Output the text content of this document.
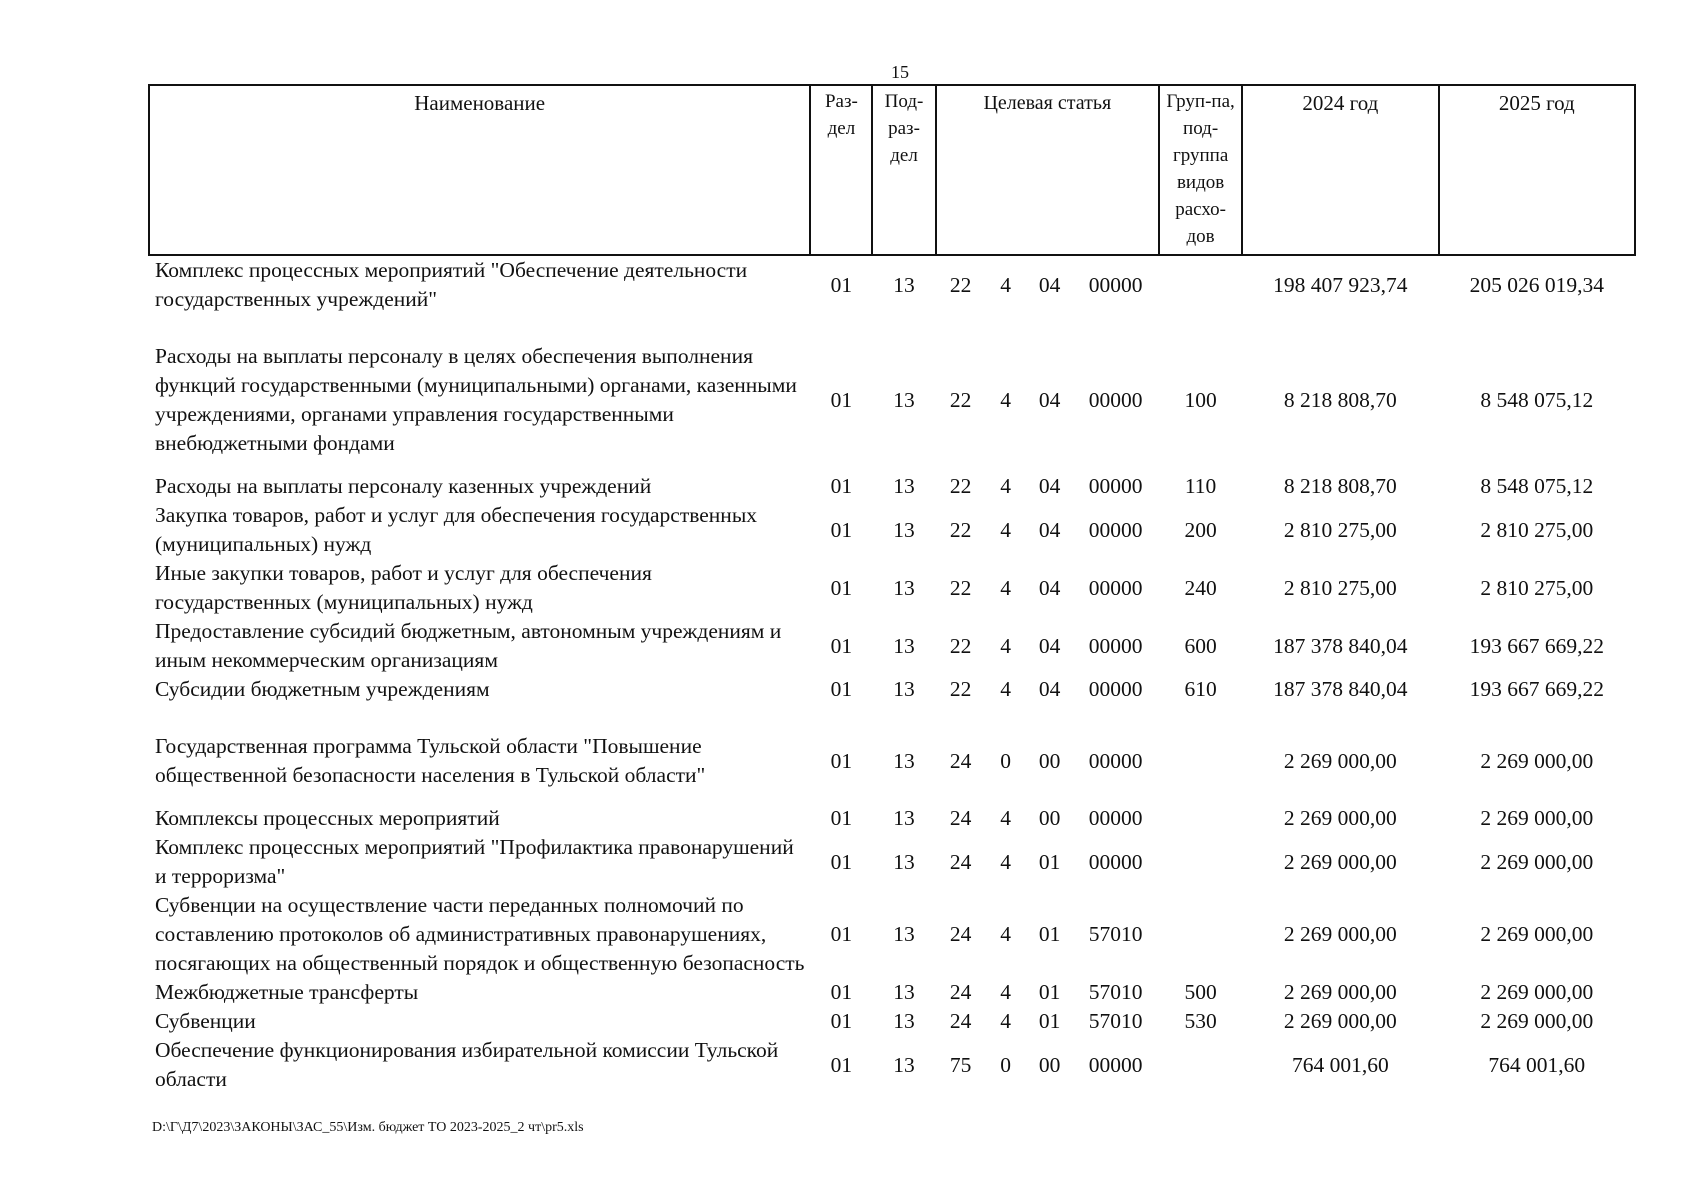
15
Наименование	Раз-дел	Под-раз-дел	Целевая статья	Груп-па, под-группа видов расхо-дов	2024 год	2025 год
Комплекс процессных мероприятий "Обеспечение деятельности государственных учреждений"	01	13	22 4 04 00000		198 407 923,74	205 026 019,34
Расходы на выплаты персоналу в целях обеспечения выполнения функций государственными (муниципальными) органами, казенными учреждениями, органами управления государственными внебюджетными фондами	01	13	22 4 04 00000	100	8 218 808,70	8 548 075,12
Расходы на выплаты персоналу казенных учреждений	01	13	22 4 04 00000	110	8 218 808,70	8 548 075,12
Закупка товаров, работ и услуг для обеспечения государственных (муниципальных) нужд	01	13	22 4 04 00000	200	2 810 275,00	2 810 275,00
Иные закупки товаров, работ и услуг для обеспечения государственных (муниципальных) нужд	01	13	22 4 04 00000	240	2 810 275,00	2 810 275,00
Предоставление субсидий бюджетным, автономным учреждениям и иным некоммерческим организациям	01	13	22 4 04 00000	600	187 378 840,04	193 667 669,22
Субсидии бюджетным учреждениям	01	13	22 4 04 00000	610	187 378 840,04	193 667 669,22
Государственная программа Тульской области "Повышение общественной безопасности населения в Тульской области"	01	13	24 0 00 00000		2 269 000,00	2 269 000,00
Комплексы процессных мероприятий	01	13	24 4 00 00000		2 269 000,00	2 269 000,00
Комплекс процессных мероприятий "Профилактика правонарушений и терроризма"	01	13	24 4 01 00000		2 269 000,00	2 269 000,00
Субвенции на осуществление части переданных полномочий по составлению протоколов об административных правонарушениях, посягающих на общественный порядок и общественную безопасность	01	13	24 4 01 57010		2 269 000,00	2 269 000,00
Межбюджетные трансферты	01	13	24 4 01 57010	500	2 269 000,00	2 269 000,00
Субвенции	01	13	24 4 01 57010	530	2 269 000,00	2 269 000,00
Обеспечение функционирования избирательной комиссии Тульской области	01	13	75 0 00 00000		764 001,60	764 001,60
D:\Г\Д7\2023\ЗАКОНЫ\ЗАС_55\Изм. бюджет ТО 2023-2025_2 чт\pr5.xls
